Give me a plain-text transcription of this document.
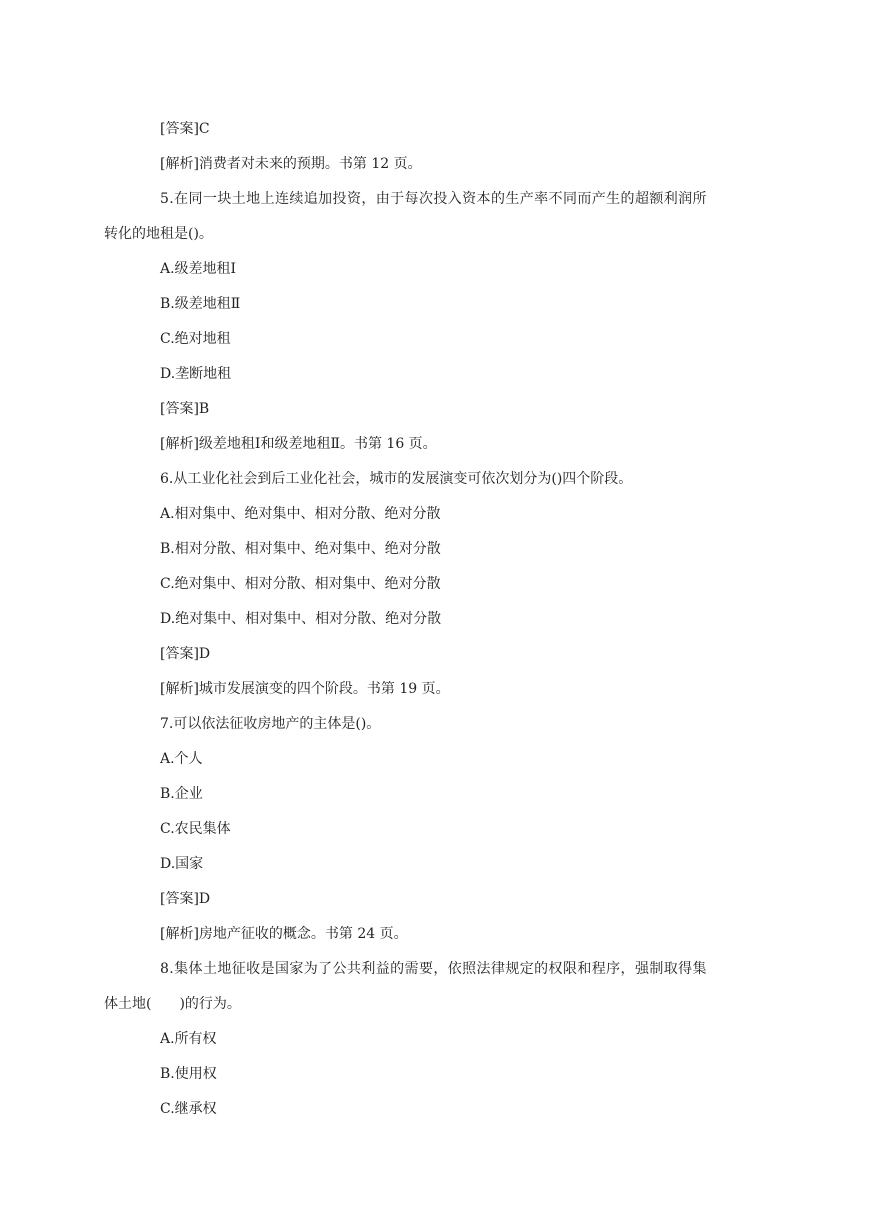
[答案]C
[解析]消费者对未来的预期。书第 12 页。
5.在同一块土地上连续追加投资，由于每次投入资本的生产率不同而产生的超额利润所
转化的地租是()。
A.级差地租Ⅰ
B.级差地租Ⅱ
C.绝对地租
D.垄断地租
[答案]B
[解析]级差地租Ⅰ和级差地租Ⅱ。书第 16 页。
6.从工业化社会到后工业化社会，城市的发展演变可依次划分为()四个阶段。
A.相对集中、绝对集中、相对分散、绝对分散
B.相对分散、相对集中、绝对集中、绝对分散
C.绝对集中、相对分散、相对集中、绝对分散
D.绝对集中、相对集中、相对分散、绝对分散
[答案]D
[解析]城市发展演变的四个阶段。书第 19 页。
7.可以依法征收房地产的主体是()。
A.个人
B.企业
C.农民集体
D.国家
[答案]D
[解析]房地产征收的概念。书第 24 页。
8.集体土地征收是国家为了公共利益的需要，依照法律规定的权限和程序，强制取得集
体土地(　　)的行为。
A.所有权
B.使用权
C.继承权
